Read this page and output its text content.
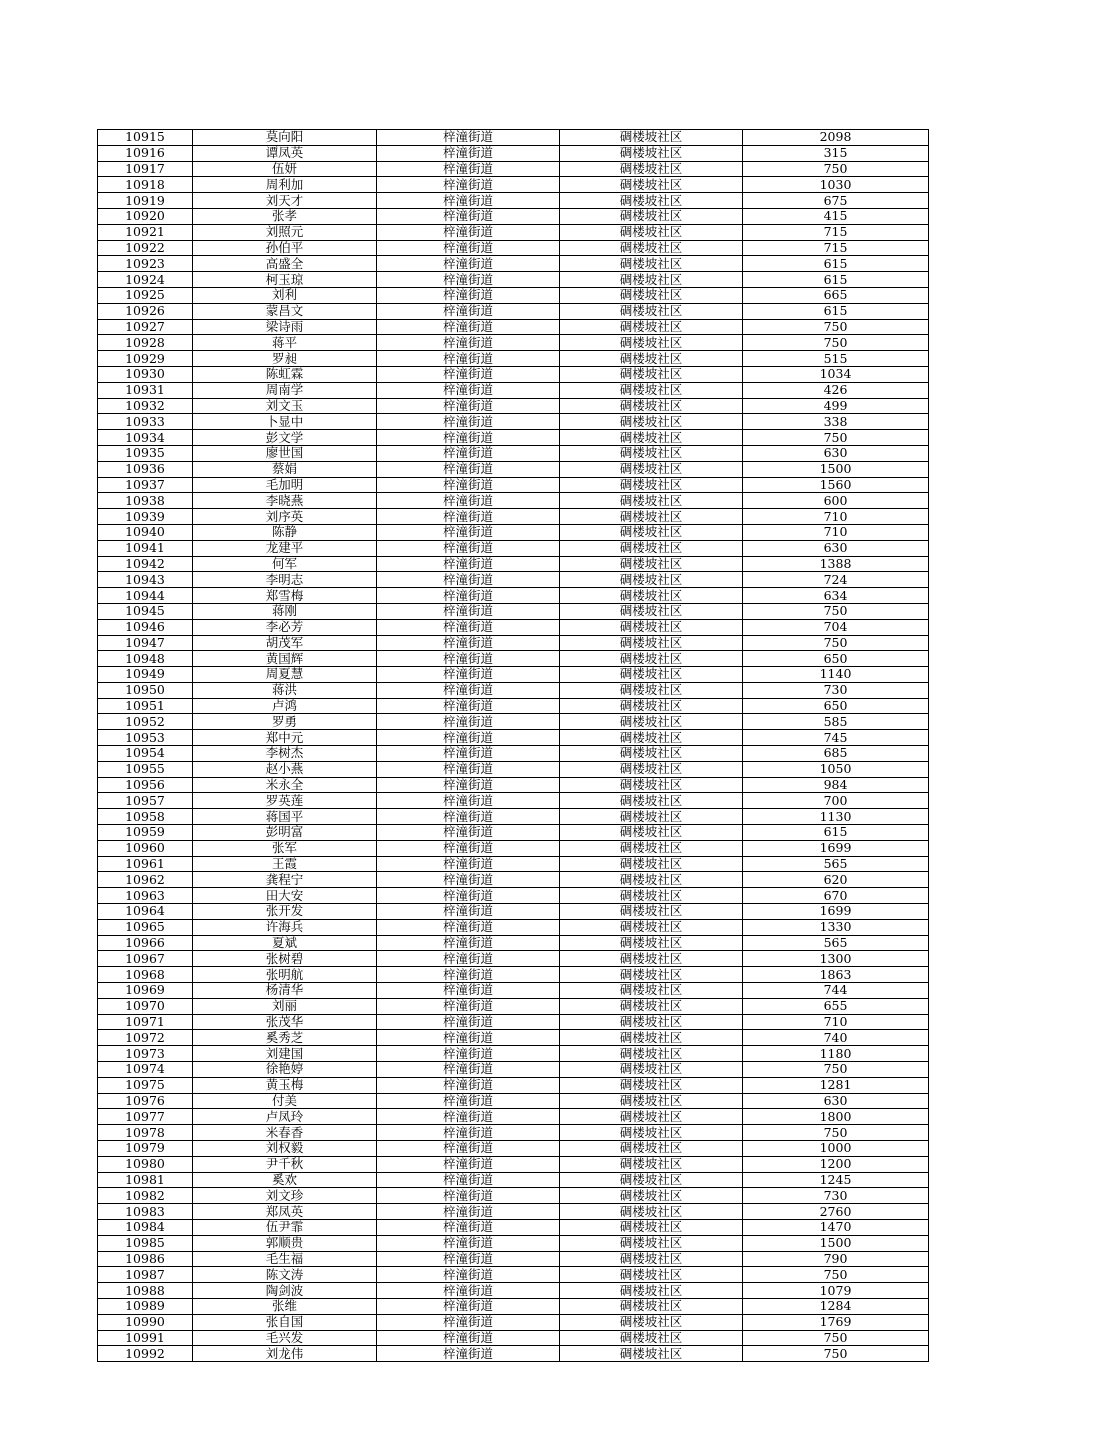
10915	莫向阳	梓潼街道	碉楼坡社区	2098
10916	谭凤英	梓潼街道	碉楼坡社区	315
10917	伍妍	梓潼街道	碉楼坡社区	750
10918	周利加	梓潼街道	碉楼坡社区	1030
10919	刘天才	梓潼街道	碉楼坡社区	675
10920	张孝	梓潼街道	碉楼坡社区	415
10921	刘照元	梓潼街道	碉楼坡社区	715
10922	孙伯平	梓潼街道	碉楼坡社区	715
10923	高盛全	梓潼街道	碉楼坡社区	615
10924	柯玉琼	梓潼街道	碉楼坡社区	615
10925	刘利	梓潼街道	碉楼坡社区	665
10926	蒙昌文	梓潼街道	碉楼坡社区	615
10927	梁诗雨	梓潼街道	碉楼坡社区	750
10928	蒋平	梓潼街道	碉楼坡社区	750
10929	罗昶	梓潼街道	碉楼坡社区	515
10930	陈虹霖	梓潼街道	碉楼坡社区	1034
10931	周南学	梓潼街道	碉楼坡社区	426
10932	刘文玉	梓潼街道	碉楼坡社区	499
10933	卜显中	梓潼街道	碉楼坡社区	338
10934	彭文学	梓潼街道	碉楼坡社区	750
10935	廖世国	梓潼街道	碉楼坡社区	630
10936	蔡娟	梓潼街道	碉楼坡社区	1500
10937	毛加明	梓潼街道	碉楼坡社区	1560
10938	李晓燕	梓潼街道	碉楼坡社区	600
10939	刘序英	梓潼街道	碉楼坡社区	710
10940	陈静	梓潼街道	碉楼坡社区	710
10941	龙建平	梓潼街道	碉楼坡社区	630
10942	何军	梓潼街道	碉楼坡社区	1388
10943	李明志	梓潼街道	碉楼坡社区	724
10944	郑雪梅	梓潼街道	碉楼坡社区	634
10945	蒋刚	梓潼街道	碉楼坡社区	750
10946	李必芳	梓潼街道	碉楼坡社区	704
10947	胡茂军	梓潼街道	碉楼坡社区	750
10948	黄国辉	梓潼街道	碉楼坡社区	650
10949	周夏慧	梓潼街道	碉楼坡社区	1140
10950	蒋洪	梓潼街道	碉楼坡社区	730
10951	卢鸿	梓潼街道	碉楼坡社区	650
10952	罗勇	梓潼街道	碉楼坡社区	585
10953	郑中元	梓潼街道	碉楼坡社区	745
10954	李树杰	梓潼街道	碉楼坡社区	685
10955	赵小燕	梓潼街道	碉楼坡社区	1050
10956	米永全	梓潼街道	碉楼坡社区	984
10957	罗英莲	梓潼街道	碉楼坡社区	700
10958	蒋国平	梓潼街道	碉楼坡社区	1130
10959	彭明富	梓潼街道	碉楼坡社区	615
10960	张军	梓潼街道	碉楼坡社区	1699
10961	王霞	梓潼街道	碉楼坡社区	565
10962	龚程宁	梓潼街道	碉楼坡社区	620
10963	田大安	梓潼街道	碉楼坡社区	670
10964	张开发	梓潼街道	碉楼坡社区	1699
10965	许海兵	梓潼街道	碉楼坡社区	1330
10966	夏斌	梓潼街道	碉楼坡社区	565
10967	张树碧	梓潼街道	碉楼坡社区	1300
10968	张明航	梓潼街道	碉楼坡社区	1863
10969	杨清华	梓潼街道	碉楼坡社区	744
10970	刘丽	梓潼街道	碉楼坡社区	655
10971	张茂华	梓潼街道	碉楼坡社区	710
10972	奚秀芝	梓潼街道	碉楼坡社区	740
10973	刘建国	梓潼街道	碉楼坡社区	1180
10974	徐艳婷	梓潼街道	碉楼坡社区	750
10975	黄玉梅	梓潼街道	碉楼坡社区	1281
10976	付美	梓潼街道	碉楼坡社区	630
10977	卢凤玲	梓潼街道	碉楼坡社区	1800
10978	米春香	梓潼街道	碉楼坡社区	750
10979	刘权毅	梓潼街道	碉楼坡社区	1000
10980	尹千秋	梓潼街道	碉楼坡社区	1200
10981	奚欢	梓潼街道	碉楼坡社区	1245
10982	刘文珍	梓潼街道	碉楼坡社区	730
10983	郑凤英	梓潼街道	碉楼坡社区	2760
10984	伍尹霏	梓潼街道	碉楼坡社区	1470
10985	郭顺贵	梓潼街道	碉楼坡社区	1500
10986	毛生福	梓潼街道	碉楼坡社区	790
10987	陈文涛	梓潼街道	碉楼坡社区	750
10988	陶剑波	梓潼街道	碉楼坡社区	1079
10989	张维	梓潼街道	碉楼坡社区	1284
10990	张自国	梓潼街道	碉楼坡社区	1769
10991	毛兴发	梓潼街道	碉楼坡社区	750
10992	刘龙伟	梓潼街道	碉楼坡社区	750
